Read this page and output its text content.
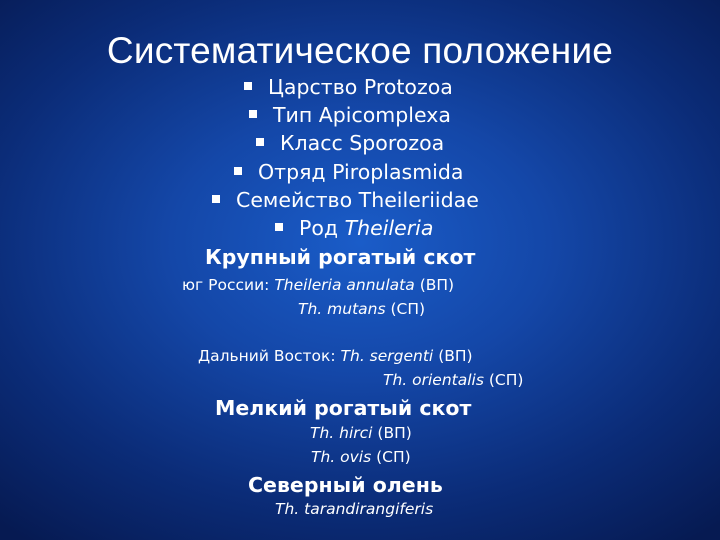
Систематическое положение
Царство Protozoa
Тип Apicomplexa
Класс Sporozoa
Отряд Piroplasmida
Семейство Theileriidae
Род Theileria
Крупный рогатый скот
юг России: Theileria annulata (ВП)
Th. mutans (СП)
Дальний Восток: Th. sergenti (ВП)
Th. orientalis (СП)
Мелкий рогатый скот
Th. hirci (ВП)
Th. ovis (СП)
Северный олень
Th. tarandirangiferis
